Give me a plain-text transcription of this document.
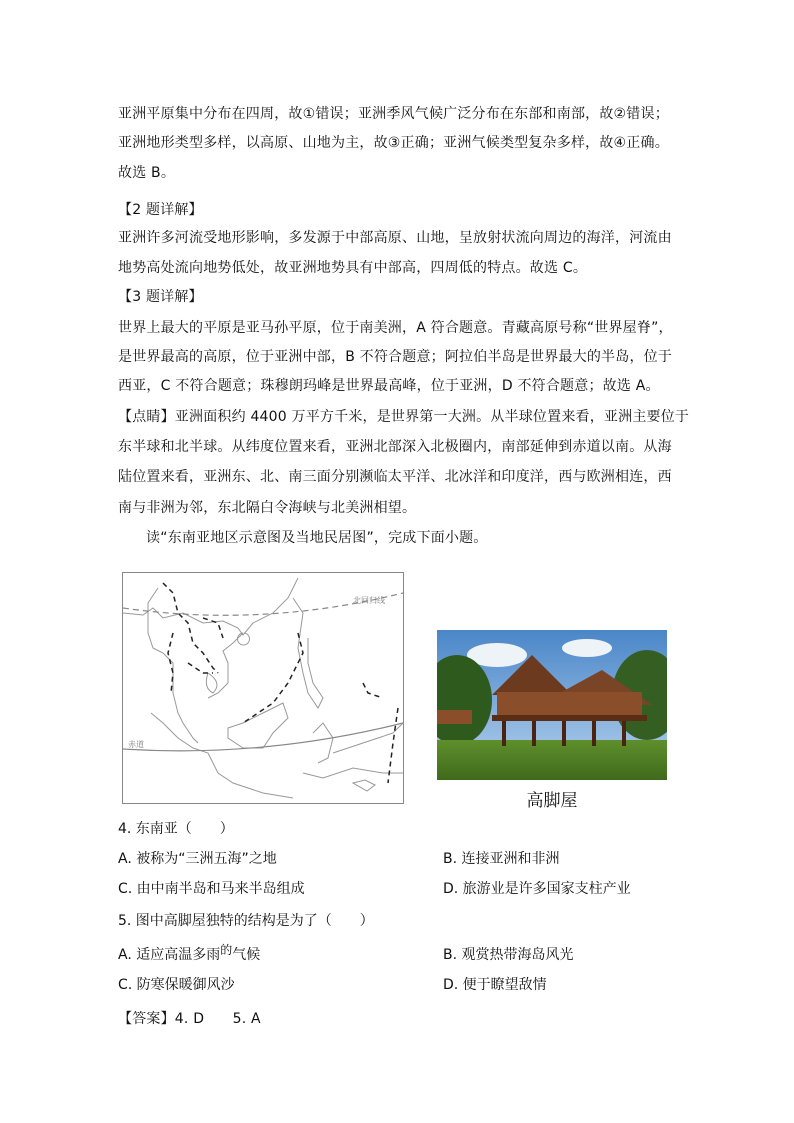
亚洲平原集中分布在四周，故①错误；亚洲季风气候广泛分布在东部和南部，故②错误；
亚洲地形类型多样，以高原、山地为主，故③正确；亚洲气候类型复杂多样，故④正确。
故选 B。
【2 题详解】
亚洲许多河流受地形影响，多发源于中部高原、山地，呈放射状流向周边的海洋，河流由
地势高处流向地势低处，故亚洲地势具有中部高，四周低的特点。故选 C。
【3 题详解】
世界上最大的平原是亚马孙平原，位于南美洲，A 符合题意。青藏高原号称“世界屋脊”，
是世界最高的高原，位于亚洲中部，B 不符合题意；阿拉伯半岛是世界最大的半岛，位于
西亚，C 不符合题意；珠穆朗玛峰是世界最高峰，位于亚洲，D 不符合题意；故选 A。
【点睛】亚洲面积约 4400 万平方千米，是世界第一大洲。从半球位置来看，亚洲主要位于
东半球和北半球。从纬度位置来看，亚洲北部深入北极圈内，南部延伸到赤道以南。从海
陆位置来看，亚洲东、北、南三面分别濒临太平洋、北冰洋和印度洋，西与欧洲相连，西
南与非洲为邻，东北隔白令海峡与北美洲相望。
读“东南亚地区示意图及当地民居图”，完成下面小题。
北回归线
赤道
高脚屋
4. 东南亚（　　）
A. 被称为“三洲五海”之地	B. 连接亚洲和非洲
C. 由中南半岛和马来半岛组成	D. 旅游业是许多国家支柱产业
5. 图中高脚屋独特的结构是为了（　　）
A. 适应高温多雨的气候	B. 观赏热带海岛风光
C. 防寒保暖御风沙	D. 便于瞭望敌情
【答案】4. D　　5. A
